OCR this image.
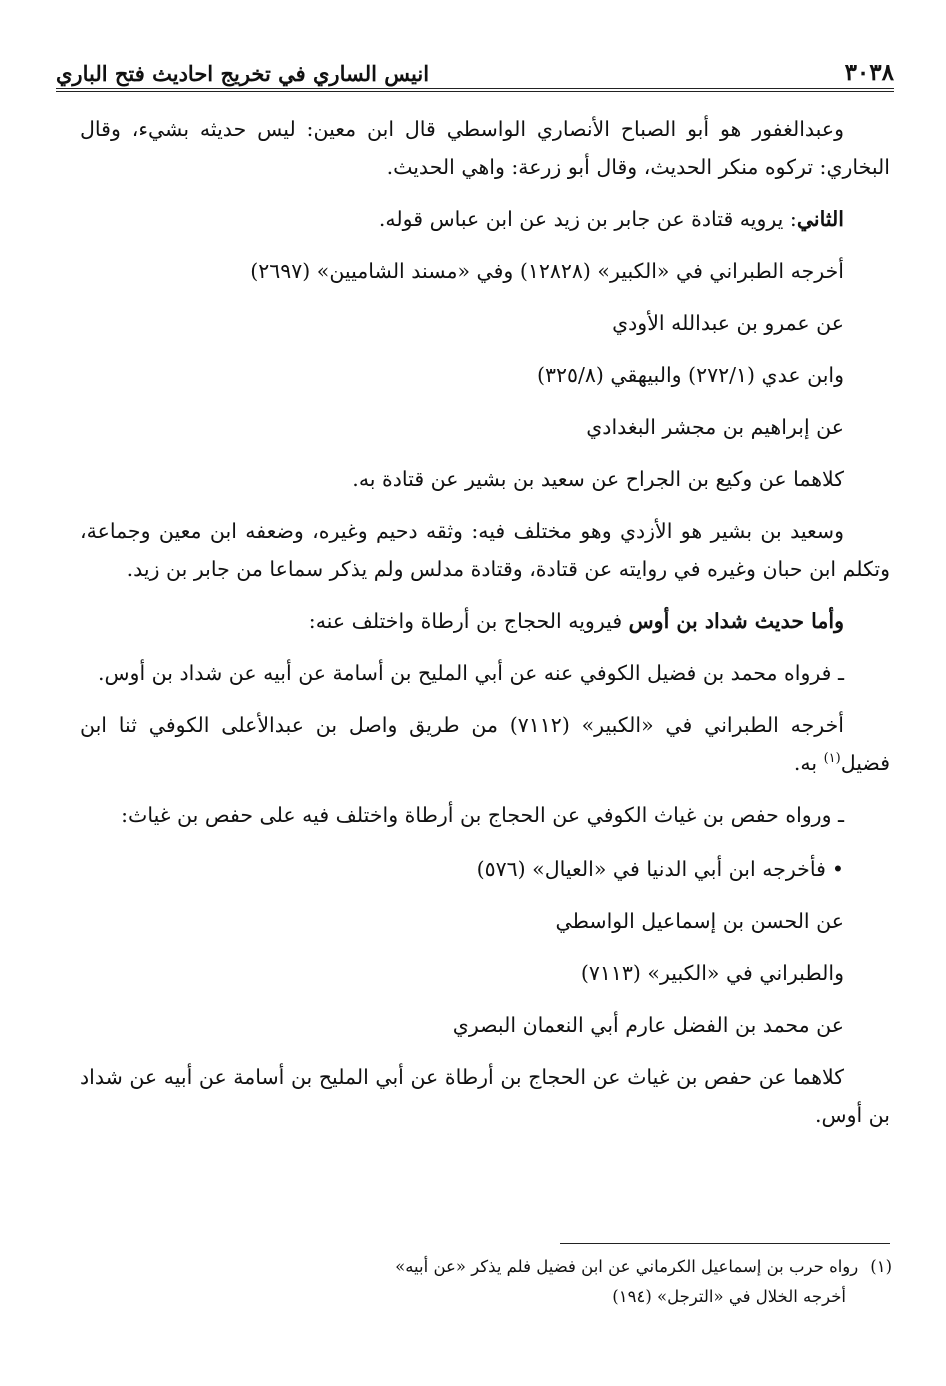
٣٠٣٨
انيس الساري في تخريج احاديث فتح الباري

وعبدالغفور هو أبو الصباح الأنصاري الواسطي قال ابن معين: ليس حديثه بشيء، وقال البخاري: تركوه منكر الحديث، وقال أبو زرعة: واهي الحديث.

الثاني: يرويه قتادة عن جابر بن زيد عن ابن عباس قوله.

أخرجه الطبراني في «الكبير» (١٢٨٢٨) وفي «مسند الشاميين» (٢٦٩٧)

عن عمرو بن عبدالله الأودي

وابن عدي (٢٧٢/١) والبيهقي (٣٢٥/٨)

عن إبراهيم بن مجشر البغدادي

كلاهما عن وكيع بن الجراح عن سعيد بن بشير عن قتادة به.

وسعيد بن بشير هو الأزدي وهو مختلف فيه: وثقه دحيم وغيره، وضعفه ابن معين وجماعة، وتكلم ابن حبان وغيره في روايته عن قتادة، وقتادة مدلس ولم يذكر سماعا من جابر بن زيد.

وأما حديث شداد بن أوس فيرويه الحجاج بن أرطاة واختلف عنه:

ـ فرواه محمد بن فضيل الكوفي عنه عن أبي المليح بن أسامة عن أبيه عن شداد بن أوس.

أخرجه الطبراني في «الكبير» (٧١١٢) من طريق واصل بن عبدالأعلى الكوفي ثنا ابن فضيل$^{(١)}$ به.

ـ ورواه حفص بن غياث الكوفي عن الحجاج بن أرطاة واختلف فيه على حفص بن غياث:

•فأخرجه ابن أبي الدنيا في «العيال» (٥٧٦)

عن الحسن بن إسماعيل الواسطي

والطبراني في «الكبير» (٧١١٣)

عن محمد بن الفضل عارم أبي النعمان البصري

كلاهما عن حفص بن غياث عن الحجاج بن أرطاة عن أبي المليح بن أسامة عن أبيه عن شداد بن أوس.

(١)رواه حرب بن إسماعيل الكرماني عن ابن فضيل فلم يذكر «عن أبيه»

أخرجه الخلال في «الترجل» (١٩٤)
